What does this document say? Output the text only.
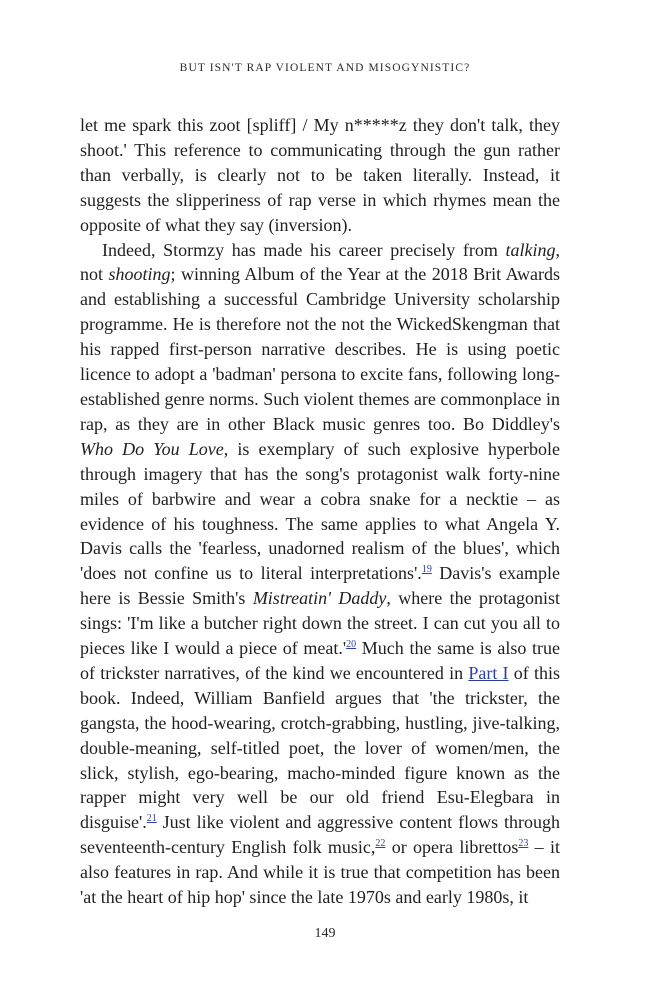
BUT ISN'T RAP VIOLENT AND MISOGYNISTIC?

let me spark this zoot [spliff] / My n*****z they don't talk, they shoot.' This reference to communicating through the gun rather than verbally, is clearly not to be taken literally. Instead, it suggests the slipperiness of rap verse in which rhymes mean the opposite of what they say (inversion).

Indeed, Stormzy has made his career precisely from talking, not shooting; winning Album of the Year at the 2018 Brit Awards and establishing a successful Cambridge University scholarship programme. He is therefore not the not the WickedSkengman that his rapped first-person narrative describes. He is using poetic licence to adopt a 'badman' persona to excite fans, following long-established genre norms. Such violent themes are commonplace in rap, as they are in other Black music genres too. Bo Diddley's Who Do You Love, is exemplary of such explosive hyperbole through imagery that has the song's protagonist walk forty-nine miles of barbwire and wear a cobra snake for a necktie – as evidence of his toughness. The same applies to what Angela Y. Davis calls the 'fearless, unadorned realism of the blues', which 'does not confine us to literal interpretations'.$^{19}$ Davis's example here is Bessie Smith's Mistreatin' Daddy, where the protagonist sings: 'I'm like a butcher right down the street. I can cut you all to pieces like I would a piece of meat.'$^{20}$ Much the same is also true of trickster narratives, of the kind we encountered in Part I of this book. Indeed, William Banfield argues that 'the trickster, the gangsta, the hood-wearing, crotch-grabbing, hustling, jive-talking, double-meaning, self-titled poet, the lover of women/men, the slick, stylish, ego-bearing, macho-minded figure known as the rapper might very well be our old friend Esu-Elegbara in disguise'.$^{21}$ Just like violent and aggressive content flows through seventeenth-century English folk music,$^{22}$ or opera librettos$^{23}$ – it also features in rap. And while it is true that competition has been 'at the heart of hip hop' since the late 1970s and early 1980s, it

149
